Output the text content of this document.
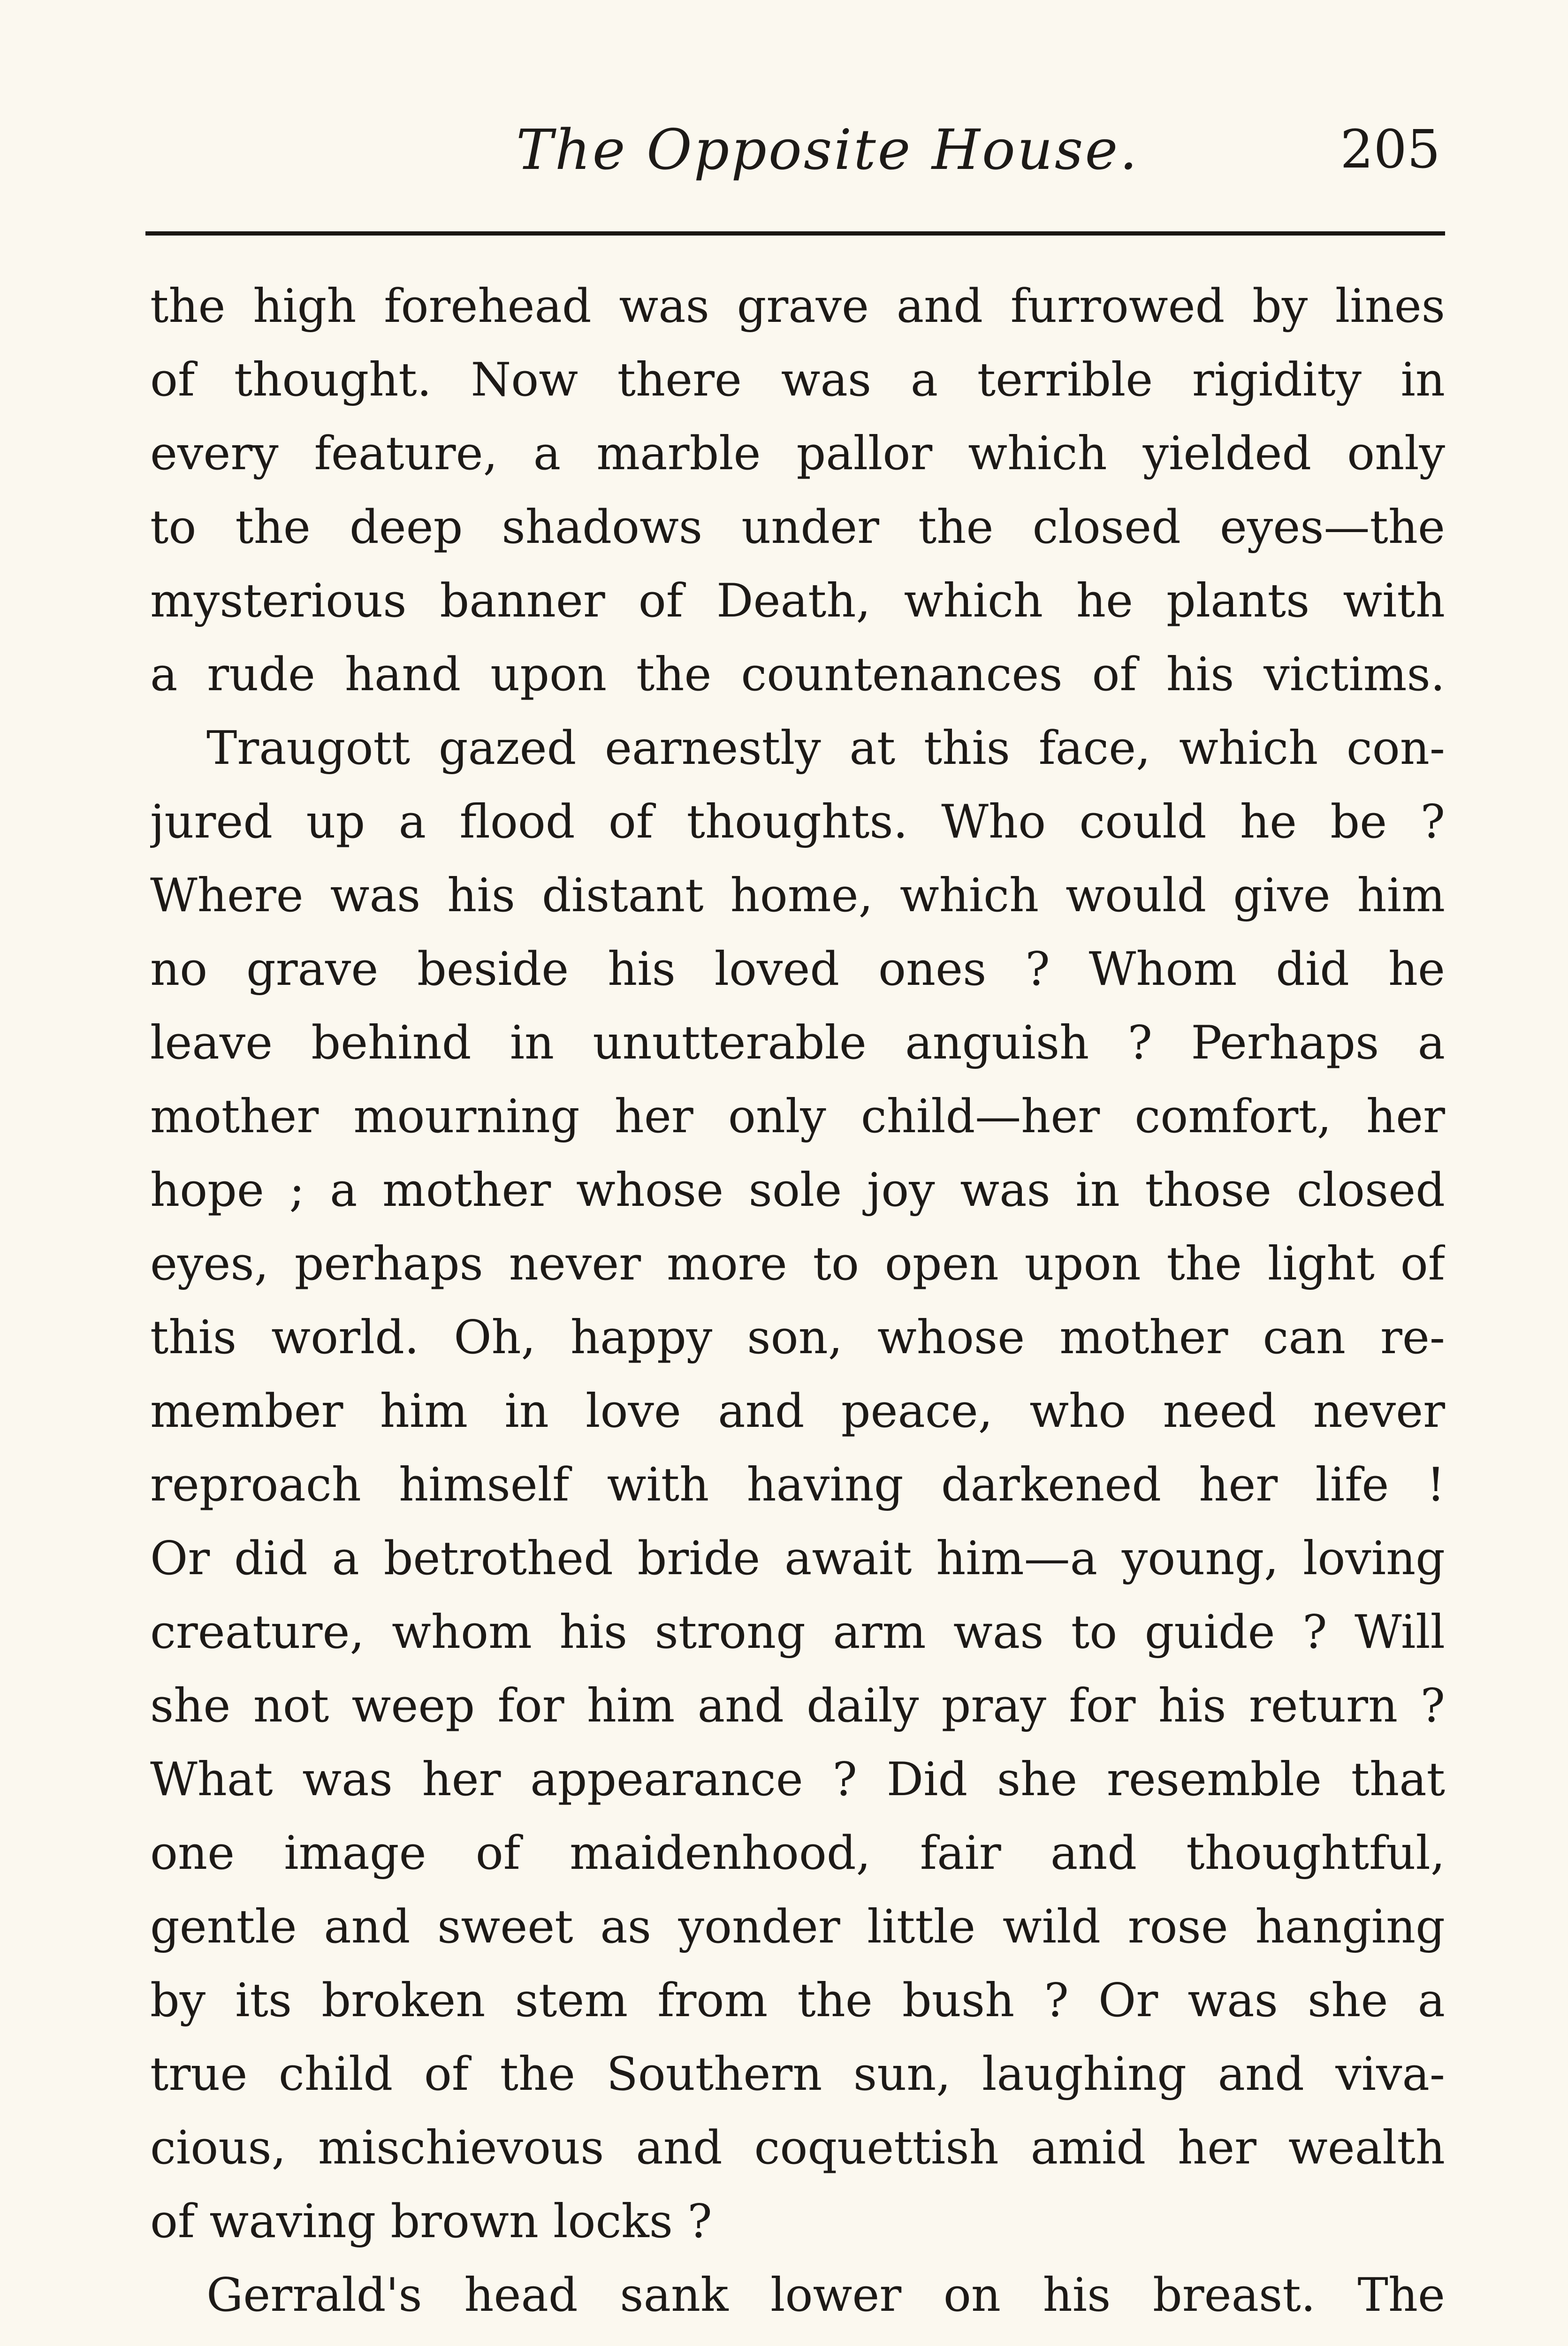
The Opposite House.	205
the high forehead was grave and furrowed by lines
of thought. Now there was a terrible rigidity in
every feature, a marble pallor which yielded only
to the deep shadows under the closed eyes—the
mysterious banner of Death, which he plants with
a rude hand upon the countenances of his victims.
Traugott gazed earnestly at this face, which con-
jured up a flood of thoughts. Who could he be ?
Where was his distant home, which would give him
no grave beside his loved ones ? Whom did he
leave behind in unutterable anguish ? Perhaps a
mother mourning her only child—her comfort, her
hope ; a mother whose sole joy was in those closed
eyes, perhaps never more to open upon the light of
this world. Oh, happy son, whose mother can re-
member him in love and peace, who need never
reproach himself with having darkened her life !
Or did a betrothed bride await him—a young, loving
creature, whom his strong arm was to guide ? Will
she not weep for him and daily pray for his return ?
What was her appearance ? Did she resemble that
one image of maidenhood, fair and thoughtful,
gentle and sweet as yonder little wild rose hanging
by its broken stem from the bush ? Or was she a
true child of the Southern sun, laughing and viva-
cious, mischievous and coquettish amid her wealth
of waving brown locks ?
Gerrald's head sank lower on his breast. The
